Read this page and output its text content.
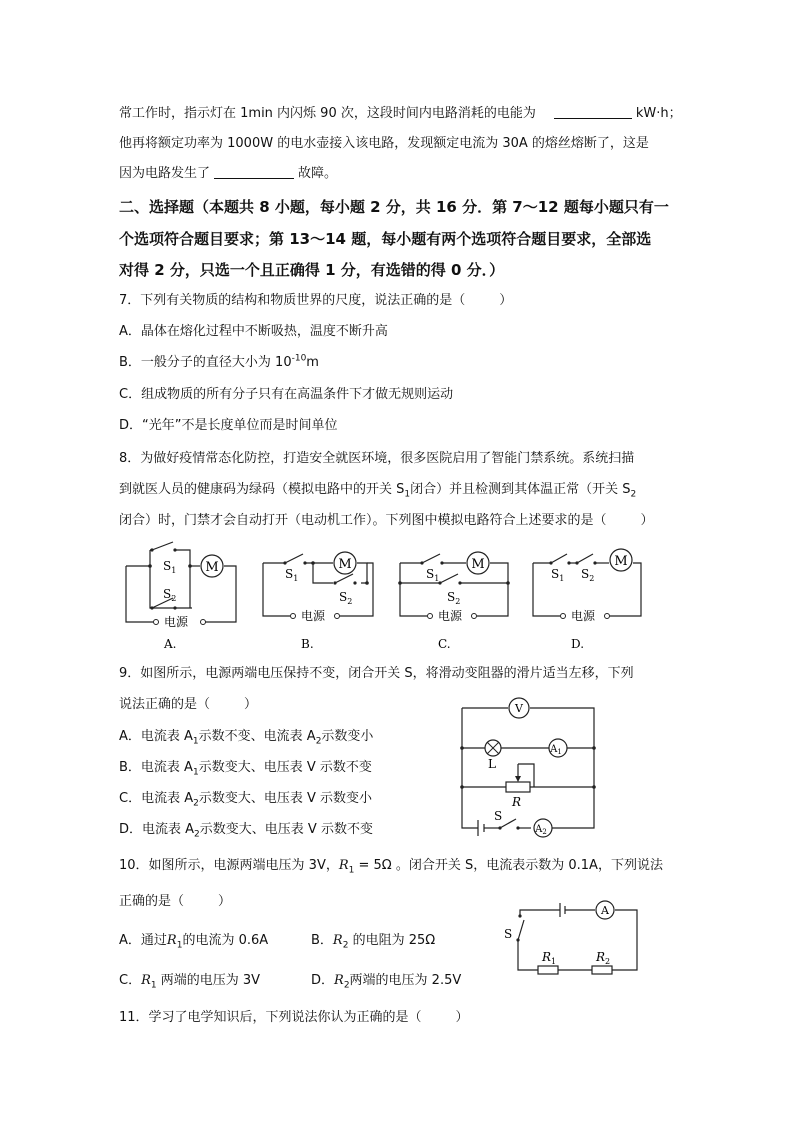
常工作时，指示灯在 1min 内闪烁 90 次，这段时间内电路消耗的电能为	kW·h；
他再将额定功率为 1000W 的电水壶接入该电路，发现额定电流为 30A 的熔丝熔断了，这是
因为电路发生了	故障。
二、选择题（本题共 8 小题，每小题 2 分，共 16 分．第 7～12 题每小题只有一
个选项符合题目要求；第 13～14 题，每小题有两个选项符合题目要求，全部选
对得 2 分，只选一个且正确得 1 分，有选错的得 0 分．）
7．下列有关物质的结构和物质世界的尺度，说法正确的是（	）
A．晶体在熔化过程中不断吸热，温度不断升高
B．一般分子的直径大小为 $10^{-10}m$
C．组成物质的所有分子只有在高温条件下才做无规则运动
D．“光年”不是长度单位而是时间单位
8．为做好疫情常态化防控，打造安全就医环境，很多医院启用了智能门禁系统。系统扫描
到就医人员的健康码为绿码（模拟电路中的开关 $S_1$闭合）并且检测到其体温正常（开关 $S_2$
闭合）时，门禁才会自动打开（电动机工作）。下列图中模拟电路符合上述要求的是（	）
M
$S_1$
$S_2$
电源
A.
M
$S_1$
$S_2$
电源
B.
M
$S_1$
$S_2$
电源
C.
M
$S_1$ $S_2$
电源
D.
9．如图所示，电源两端电压保持不变，闭合开关 S，将滑动变阻器的滑片适当左移，下列
说法正确的是（	）
A．电流表 $A_1$示数不变、电流表 $A_2$示数变小
B．电流表 $A_1$示数变大、电压表 V 示数不变
C．电流表 $A_2$示数变大、电压表 V 示数变小
D．电流表 $A_2$示数变大、电压表 V 示数不变
V
L
$A_1$
R
S
$A_2$
10．如图所示，电源两端电压为 3V，$R_1 = 5\Omega$ 。闭合开关 S，电流表示数为 0.1A，下列说法
正确的是（	）
A．通过$R_1$的电流为 0.6A	B．$R_2$ 的电阻为 25Ω
C．$R_1$ 两端的电压为 3V	D．$R_2$两端的电压为 2.5V
A
S
$R_1$	$R_2$
11．学习了电学知识后，下列说法你认为正确的是（	）
